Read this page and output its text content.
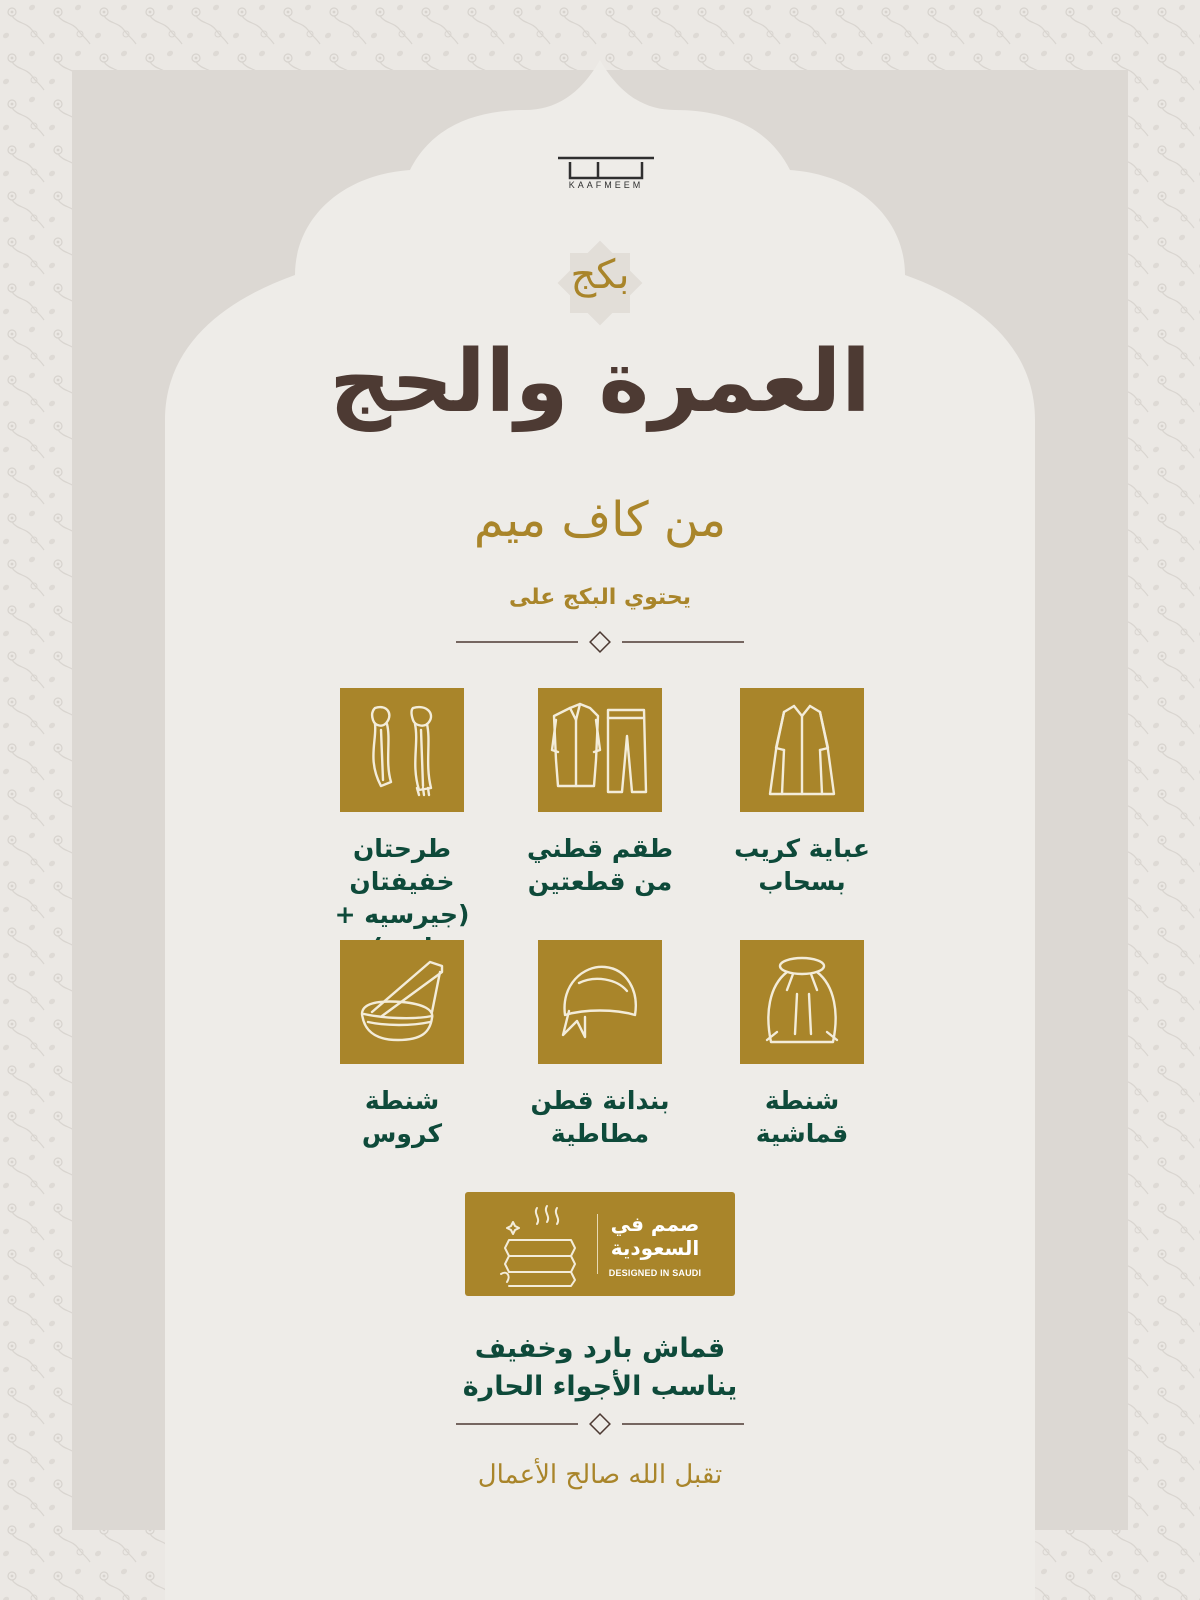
KAAFMEEM
بكج
العمرة والحج
من كاف ميم
يحتوي البكج على
عباية كريب
بسحاب
طقم قطني
من قطعتين
طرحتان خفيفتان
(جيرسيه +
شنطة
قماشية
بندانة قطن
مطاطية
شنطة
كروس
صمم في
السعودية
DESIGNED IN SAUDI
قماش بارد وخفيف
يناسب الأجواء الحارة
تقبل الله صالح الأعمال
